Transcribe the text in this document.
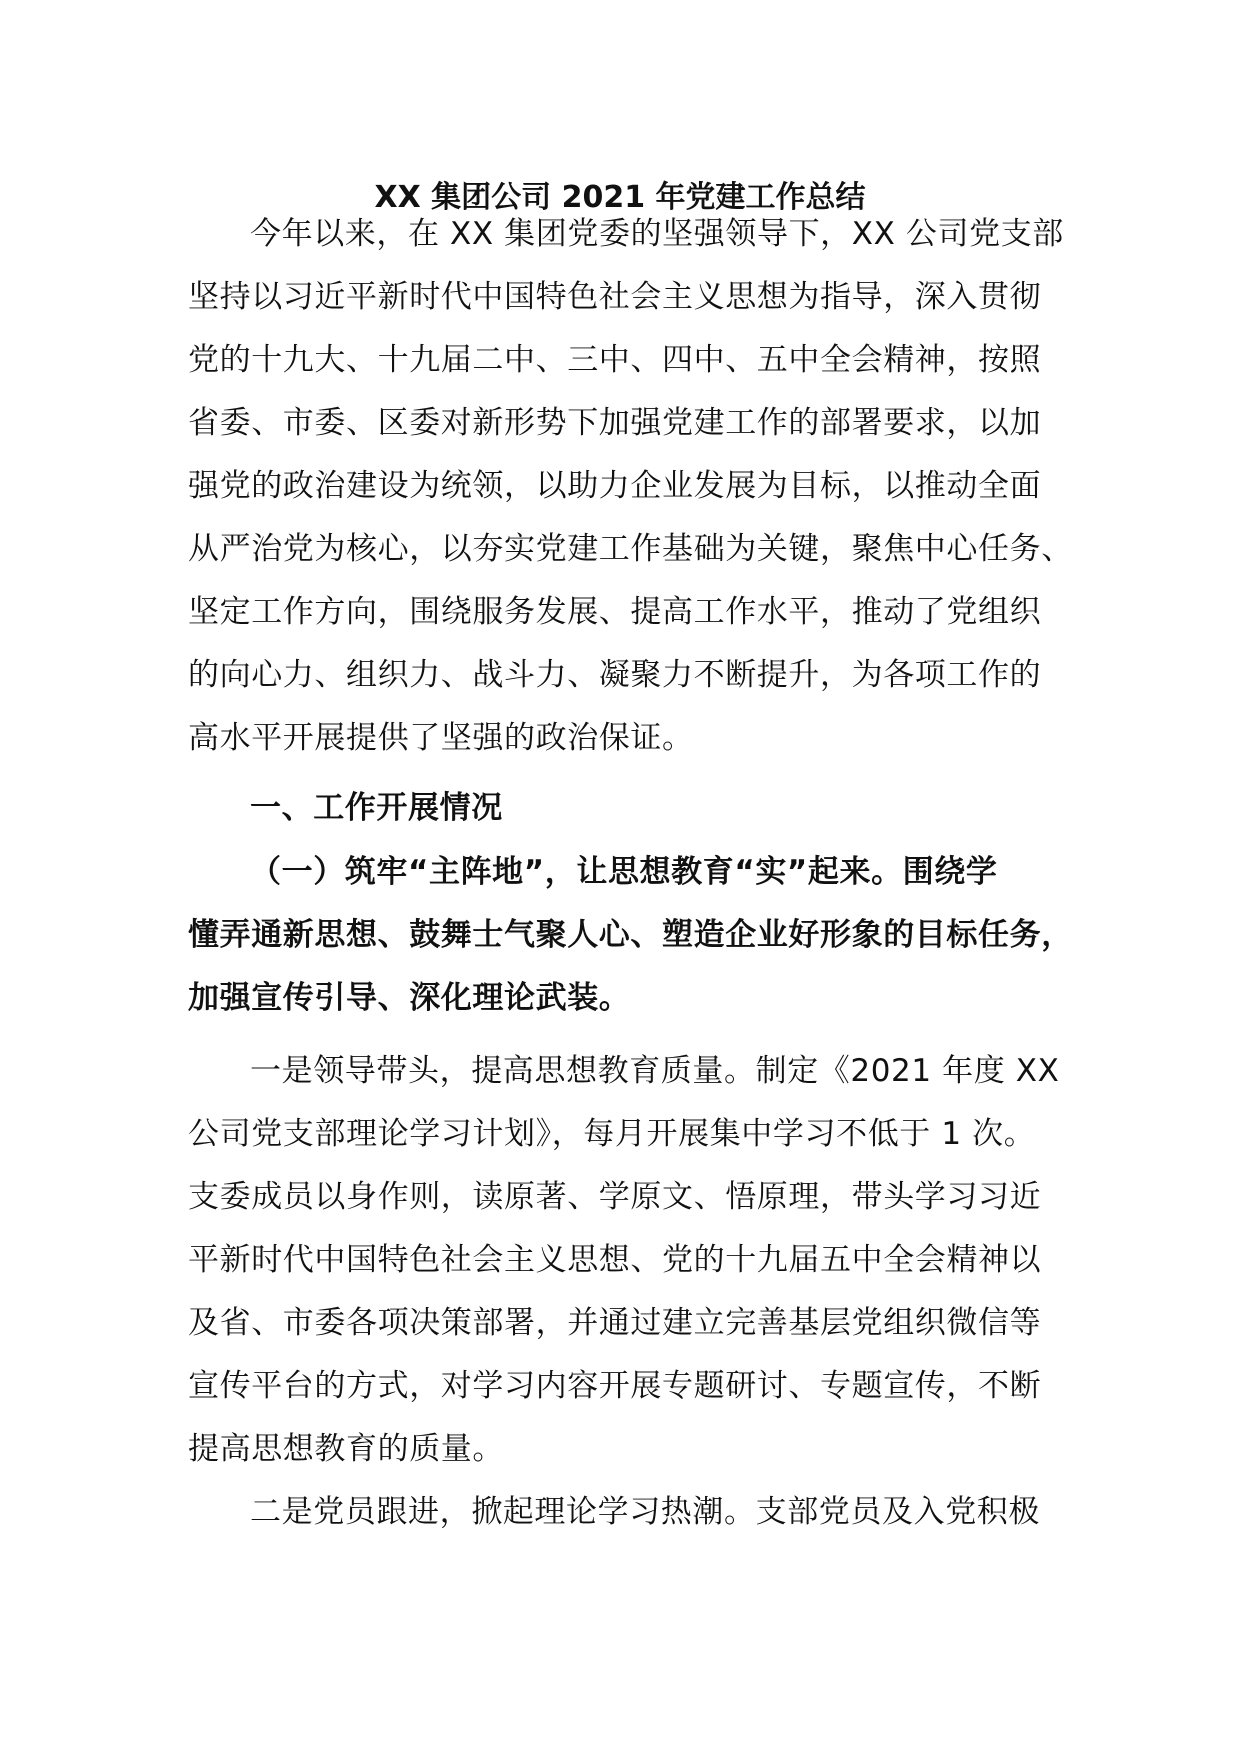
XX 集团公司 2021 年党建工作总结
今年以来，在 XX 集团党委的坚强领导下，XX 公司党支部
坚持以习近平新时代中国特色社会主义思想为指导，深入贯彻
党的十九大、十九届二中、三中、四中、五中全会精神，按照
省委、市委、区委对新形势下加强党建工作的部署要求，以加
强党的政治建设为统领，以助力企业发展为目标，以推动全面
从严治党为核心，以夯实党建工作基础为关键，聚焦中心任务、
坚定工作方向，围绕服务发展、提高工作水平，推动了党组织
的向心力、组织力、战斗力、凝聚力不断提升，为各项工作的
高水平开展提供了坚强的政治保证。
一、工作开展情况
（一）筑牢“主阵地”，让思想教育“实”起来。围绕学
懂弄通新思想、鼓舞士气聚人心、塑造企业好形象的目标任务，
加强宣传引导、深化理论武装。
一是领导带头，提高思想教育质量。制定《2021 年度 XX
公司党支部理论学习计划》，每月开展集中学习不低于 1 次。
支委成员以身作则，读原著、学原文、悟原理，带头学习习近
平新时代中国特色社会主义思想、党的十九届五中全会精神以
及省、市委各项决策部署，并通过建立完善基层党组织微信等
宣传平台的方式，对学习内容开展专题研讨、专题宣传，不断
提高思想教育的质量。
二是党员跟进，掀起理论学习热潮。支部党员及入党积极
